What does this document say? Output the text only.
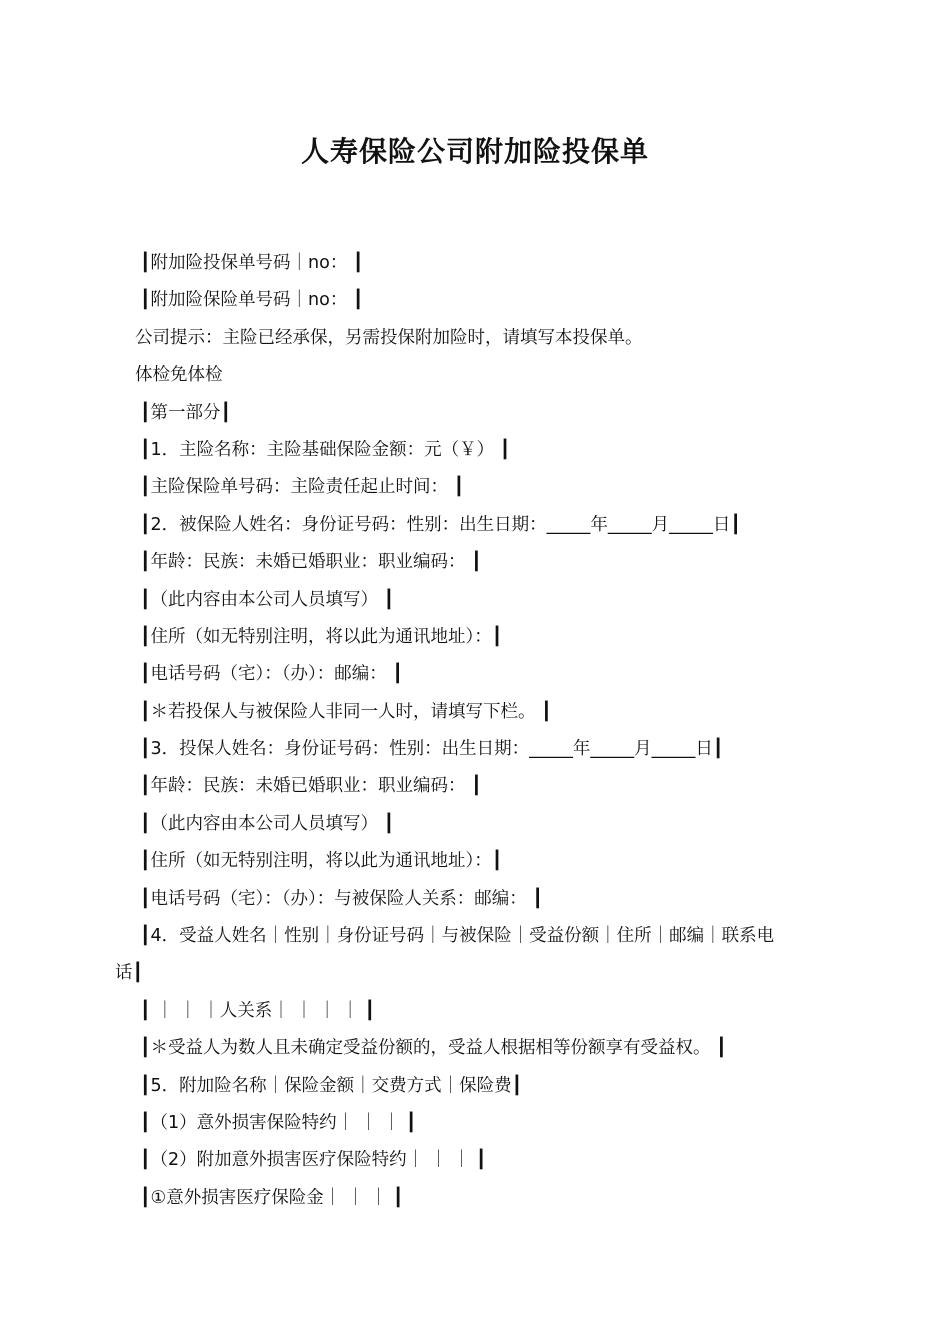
人寿保险公司附加险投保单
┃附加险投保单号码｜no： ┃
┃附加险保险单号码｜no： ┃
公司提示：主险已经承保，另需投保附加险时，请填写本投保单。
体检免体检
┃第一部分┃
┃1．主险名称：主险基础保险金额：元（￥） ┃
┃主险保险单号码：主险责任起止时间： ┃
┃2．被保险人姓名：身份证号码：性别：出生日期：_____年_____月_____日┃
┃年龄：民族：未婚已婚职业：职业编码： ┃
┃（此内容由本公司人员填写） ┃
┃住所（如无特别注明，将以此为通讯地址）：┃
┃电话号码（宅）：（办）：邮编： ┃
┃＊若投保人与被保险人非同一人时，请填写下栏。 ┃
┃3．投保人姓名：身份证号码：性别：出生日期：_____年_____月_____日┃
┃年龄：民族：未婚已婚职业：职业编码： ┃
┃（此内容由本公司人员填写） ┃
┃住所（如无特别注明，将以此为通讯地址）：┃
┃电话号码（宅）：（办）：与被保险人关系：邮编： ┃
┃4．受益人姓名｜性别｜身份证号码｜与被保险｜受益份额｜住所｜邮编｜联系电
话┃
┃ ｜ ｜ ｜人关系｜ ｜ ｜ ｜ ┃
┃＊受益人为数人且未确定受益份额的，受益人根据相等份额享有受益权。 ┃
┃5．附加险名称｜保险金额｜交费方式｜保险费┃
┃（1）意外损害保险特约｜ ｜ ｜ ┃
┃（2）附加意外损害医疗保险特约｜ ｜ ｜ ┃
┃①意外损害医疗保险金｜ ｜ ｜ ┃
